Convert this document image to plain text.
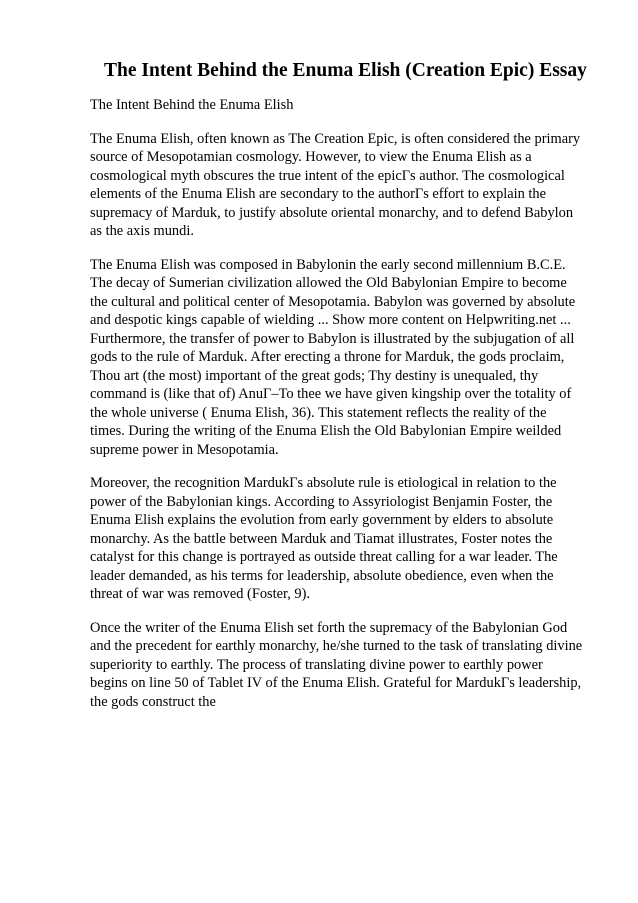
The Intent Behind the Enuma Elish (Creation Epic) Essay

The Intent Behind the Enuma Elish

The Enuma Elish, often known as The Creation Epic, is often considered the primary
source of Mesopotamian cosmology. However, to view the Enuma Elish as a
cosmological myth obscures the true intent of the epicГs author. The cosmological
elements of the Enuma Elish are secondary to the authorГs effort to explain the
supremacy of Marduk, to justify absolute oriental monarchy, and to defend Babylon
as the axis mundi.

The Enuma Elish was composed in Babylonin the early second millennium B.C.E.
The decay of Sumerian civilization allowed the Old Babylonian Empire to become
the cultural and political center of Mesopotamia. Babylon was governed by absolute
and despotic kings capable of wielding ... Show more content on Helpwriting.net ...
Furthermore, the transfer of power to Babylon is illustrated by the subjugation of all
gods to the rule of Marduk. After erecting a throne for Marduk, the gods proclaim,
Thou art (the most) important of the great gods; Thy destiny is unequaled, thy
command is (like that of) AnuГ–To thee we have given kingship over the totality of
the whole universe ( Enuma Elish, 36). This statement reflects the reality of the
times. During the writing of the Enuma Elish the Old Babylonian Empire weilded
supreme power in Mesopotamia.

Moreover, the recognition MardukГs absolute rule is etiological in relation to the
power of the Babylonian kings. According to Assyriologist Benjamin Foster, the
Enuma Elish explains the evolution from early government by elders to absolute
monarchy. As the battle between Marduk and Tiamat illustrates, Foster notes the
catalyst for this change is portrayed as outside threat calling for a war leader. The
leader demanded, as his terms for leadership, absolute obedience, even when the
threat of war was removed (Foster, 9).

Once the writer of the Enuma Elish set forth the supremacy of the Babylonian God
and the precedent for earthly monarchy, he/she turned to the task of translating divine
superiority to earthly. The process of translating divine power to earthly power
begins on line 50 of Tablet IV of the Enuma Elish. Grateful for MardukГs leadership,
the gods construct the
